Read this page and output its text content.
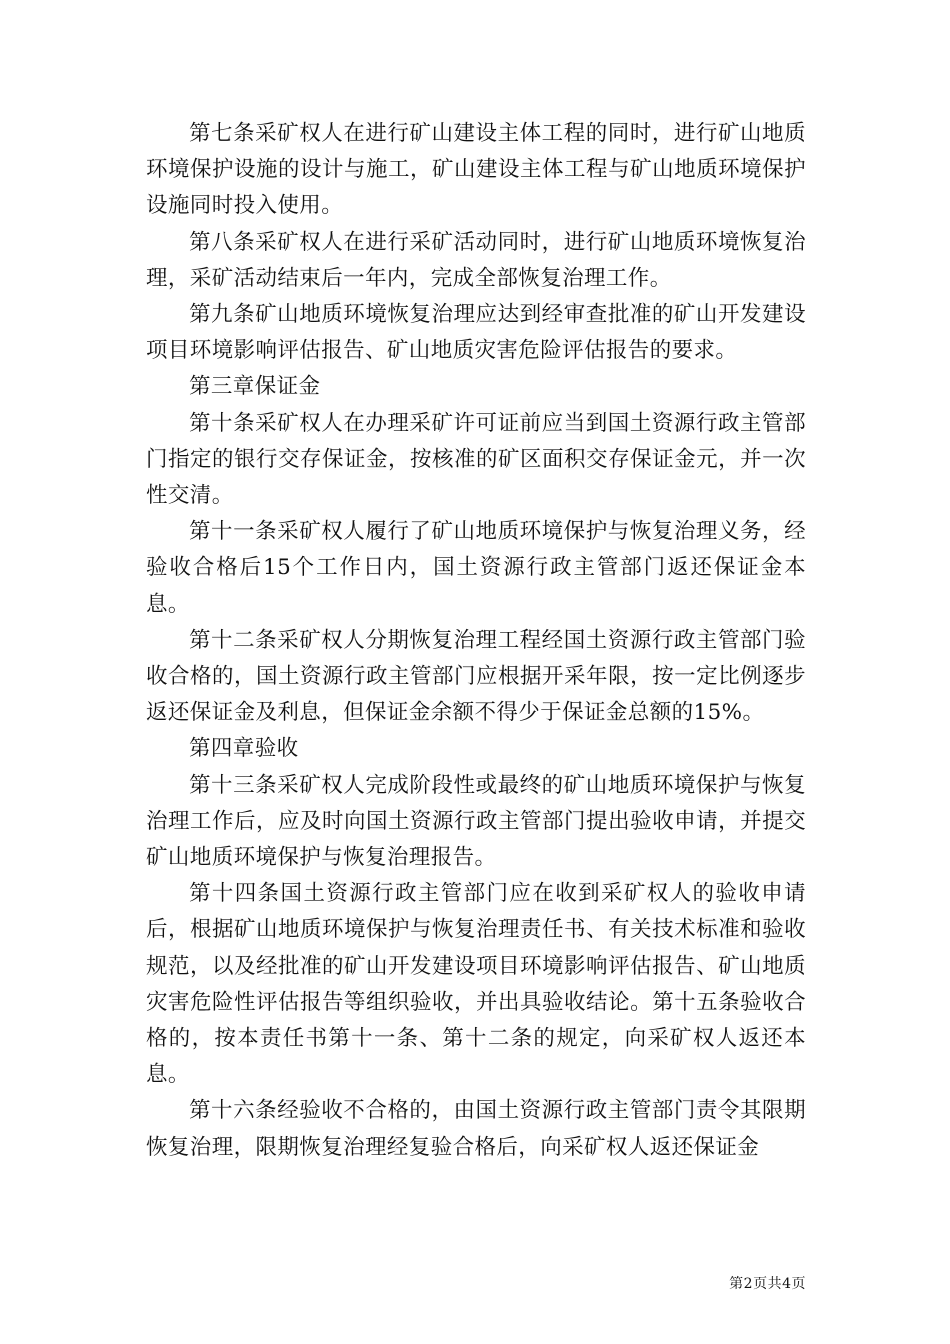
第七条采矿权人在进行矿山建设主体工程的同时，进行矿山地质环境保护设施的设计与施工，矿山建设主体工程与矿山地质环境保护设施同时投入使用。

第八条采矿权人在进行采矿活动同时，进行矿山地质环境恢复治理，采矿活动结束后一年内，完成全部恢复治理工作。

第九条矿山地质环境恢复治理应达到经审查批准的矿山开发建设项目环境影响评估报告、矿山地质灾害危险评估报告的要求。

第三章保证金

第十条采矿权人在办理采矿许可证前应当到国土资源行政主管部门指定的银行交存保证金，按核准的矿区面积交存保证金元，并一次性交清。

第十一条采矿权人履行了矿山地质环境保护与恢复治理义务，经验收合格后15个工作日内，国土资源行政主管部门返还保证金本息。

第十二条采矿权人分期恢复治理工程经国土资源行政主管部门验收合格的，国土资源行政主管部门应根据开采年限，按一定比例逐步返还保证金及利息，但保证金余额不得少于保证金总额的15%。

第四章验收

第十三条采矿权人完成阶段性或最终的矿山地质环境保护与恢复治理工作后，应及时向国土资源行政主管部门提出验收申请，并提交矿山地质环境保护与恢复治理报告。

第十四条国土资源行政主管部门应在收到采矿权人的验收申请后，根据矿山地质环境保护与恢复治理责任书、有关技术标准和验收规范，以及经批准的矿山开发建设项目环境影响评估报告、矿山地质灾害危险性评估报告等组织验收，并出具验收结论。第十五条验收合格的，按本责任书第十一条、第十二条的规定，向采矿权人返还本息。

第十六条经验收不合格的，由国土资源行政主管部门责令其限期恢复治理，限期恢复治理经复验合格后，向采矿权人返还保证金

第2页共4页
